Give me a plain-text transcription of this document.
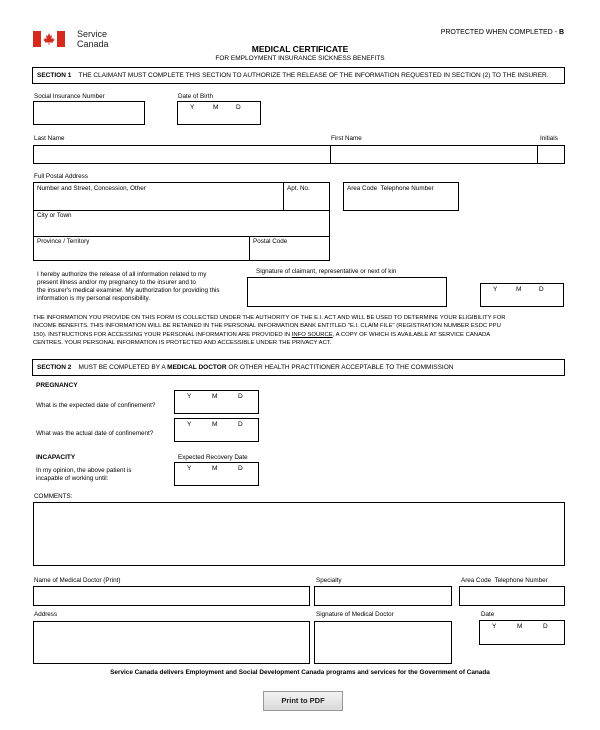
Service
Canada
PROTECTED WHEN COMPLETED - B
MEDICAL CERTIFICATE
FOR EMPLOYMENT INSURANCE SICKNESS BENEFITS
SECTION 1 THE CLAIMANT MUST COMPLETE THIS SECTION TO AUTHORIZE THE RELEASE OF THE INFORMATION REQUESTED IN SECTION (2) TO THE INSURER.
Social Insurance Number	Date of Birth
Y	M	D
Last Name	First Name	Initials
Full Postal Address
Number and Street, Concession, Other	Apt. No.	Area Code Telephone Number
City or Town
Province / Territory	Postal Code
I hereby authorize the release of all information related to my
present illness and/or my pregnancy to the insurer and to
the insurer's medical examiner. My authorization for providing this
information is my personal responsibility.
Signature of claimant, representative or next of kin
Y	M	D
THE INFORMATION YOU PROVIDE ON THIS FORM IS COLLECTED UNDER THE AUTHORITY OF THE E.I. ACT AND WILL BE USED TO DETERMINE YOUR ELIGIBILITY FOR
INCOME BENEFITS. THIS INFORMATION WILL BE RETAINED IN THE PERSONAL INFORMATION BANK ENTITLED "E.I. CLAIM FILE" (REGISTRATION NUMBER ESDC PPU
150). INSTRUCTIONS FOR ACCESSING YOUR PERSONAL INFORMATION ARE PROVIDED IN INFO SOURCE, A COPY OF WHICH IS AVAILABLE AT SERVICE CANADA
CENTRES. YOUR PERSONAL INFORMATION IS PROTECTED AND ACCESSIBLE UNDER THE PRIVACY ACT.
SECTION 2 MUST BE COMPLETED BY A MEDICAL DOCTOR OR OTHER HEALTH PRACTITIONER ACCEPTABLE TO THE COMMISSION
PREGNANCY
What is the expected date of confinement?
Y	M	D
What was the actual date of confinement?
Y	M	D
INCAPACITY	Expected Recovery Date
In my opinion, the above patient is
incapable of working until:
Y	M	D
COMMENTS:
Name of Medical Doctor (Print)	Specialty	Area Code Telephone Number
Address	Signature of Medical Doctor	Date
Y	M	D
Service Canada delivers Employment and Social Development Canada programs and services for the Government of Canada
Print to PDF
